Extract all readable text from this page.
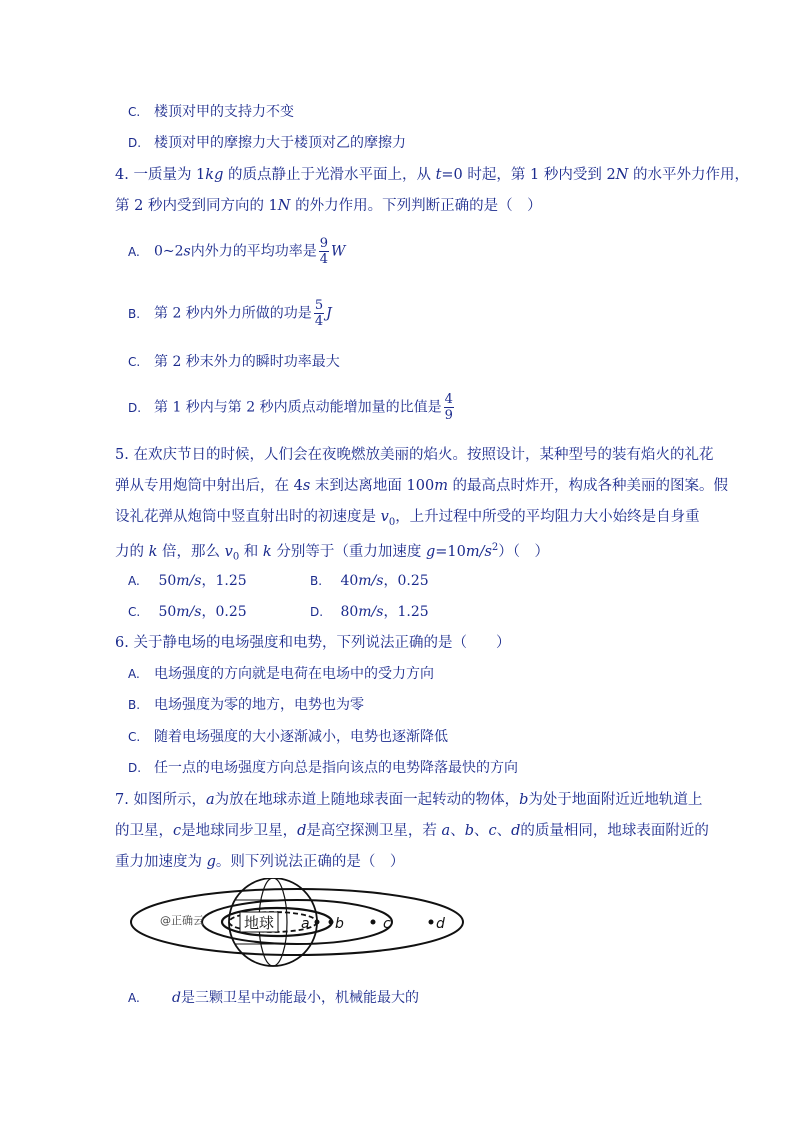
C. 楼顶对甲的支持力不变
D. 楼顶对甲的摩擦力大于楼顶对乙的摩擦力
4. 一质量为 1kg 的质点静止于光滑水平面上，从 t=0 时起，第 1 秒内受到 2N 的水平外力作用，
第 2 秒内受到同方向的 1N 的外力作用。下列判断正确的是（　）
A. 0~2s内外力的平均功率是 $\frac{9}{4}$ W
B. 第 2 秒内外力所做的功是 $\frac{5}{4}$ J
C. 第 2 秒末外力的瞬时功率最大
D. 第 1 秒内与第 2 秒内质点动能增加量的比值是 $\frac{4}{9}$
5. 在欢庆节日的时候，人们会在夜晚燃放美丽的焰火。按照设计，某种型号的装有焰火的礼花
弹从专用炮筒中射出后，在 4s 末到达离地面 100m 的最高点时炸开，构成各种美丽的图案。假
设礼花弹从炮筒中竖直射出时的初速度是 $v_0$，上升过程中所受的平均阻力大小始终是自身重
力的 k 倍，那么 $v_0$ 和 k 分别等于（重力加速度 $g=10m/s^2$）（　）
A. 50m/s，1.25	B. 40m/s，0.25
C. 50m/s，0.25	D. 80m/s，1.25
6. 关于静电场的电场强度和电势，下列说法正确的是（　　）
A. 电场强度的方向就是电荷在电场中的受力方向
B. 电场强度为零的地方，电势也为零
C. 随着电场强度的大小逐渐减小，电势也逐渐降低
D. 任一点的电场强度方向总是指向该点的电势降落最快的方向
7. 如图所示，a为放在地球赤道上随地球表面一起转动的物体，b为处于地面附近近地轨道上
的卫星，c是地球同步卫星，d是高空探测卫星，若 a、b、c、d的质量相同，地球表面附近的
重力加速度为 g。则下列说法正确的是（　）
地球
@正确云	a b	c	d
A. d是三颗卫星中动能最小，机械能最大的
